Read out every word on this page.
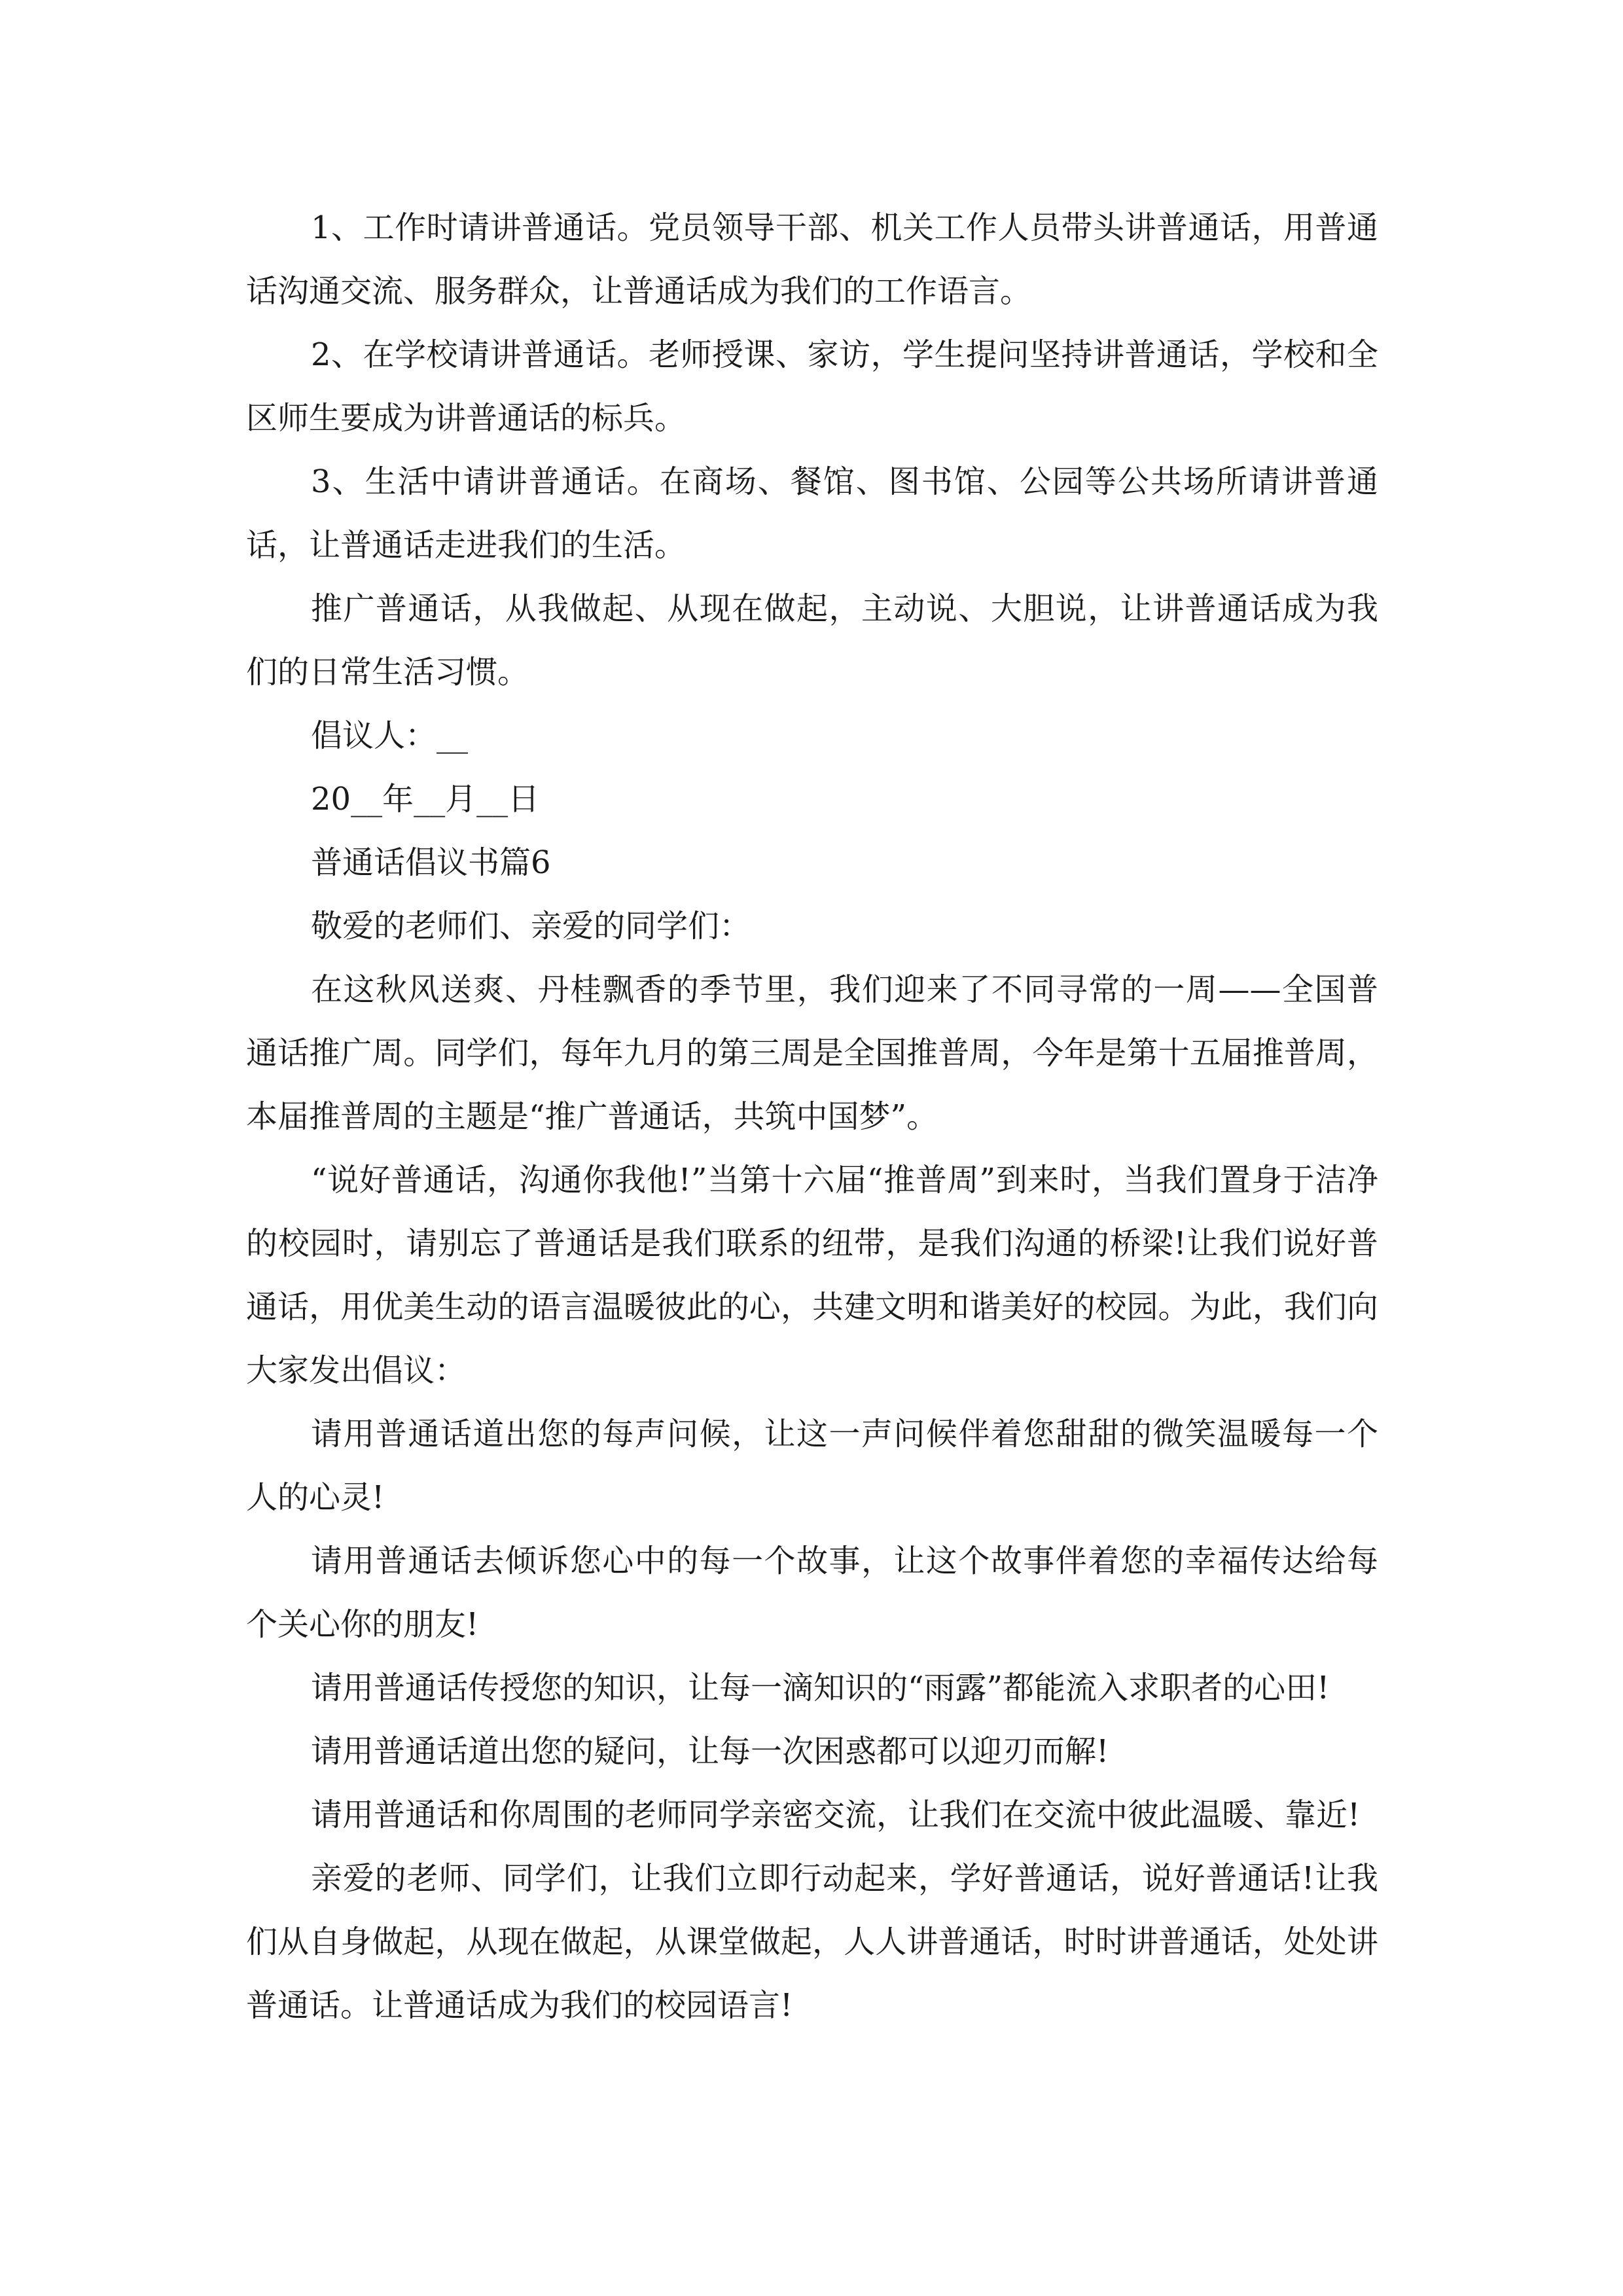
1、工作时请讲普通话。党员领导干部、机关工作人员带头讲普通话，用普通话沟通交流、服务群众，让普通话成为我们的工作语言。

2、在学校请讲普通话。老师授课、家访，学生提问坚持讲普通话，学校和全区师生要成为讲普通话的标兵。

3、生活中请讲普通话。在商场、餐馆、图书馆、公园等公共场所请讲普通话，让普通话走进我们的生活。

推广普通话，从我做起、从现在做起，主动说、大胆说，让讲普通话成为我们的日常生活习惯。

倡议人：__

20__年__月__日

普通话倡议书篇6

敬爱的老师们、亲爱的同学们：

在这秋风送爽、丹桂飘香的季节里，我们迎来了不同寻常的一周——全国普通话推广周。同学们，每年九月的第三周是全国推普周，今年是第十五届推普周，本届推普周的主题是“推广普通话，共筑中国梦”。

“说好普通话，沟通你我他!”当第十六届“推普周”到来时，当我们置身于洁净的校园时，请别忘了普通话是我们联系的纽带，是我们沟通的桥梁!让我们说好普通话，用优美生动的语言温暖彼此的心，共建文明和谐美好的校园。为此，我们向大家发出倡议：

请用普通话道出您的每声问候，让这一声问候伴着您甜甜的微笑温暖每一个人的心灵!

请用普通话去倾诉您心中的每一个故事，让这个故事伴着您的幸福传达给每个关心你的朋友!

请用普通话传授您的知识，让每一滴知识的“雨露”都能流入求职者的心田!

请用普通话道出您的疑问，让每一次困惑都可以迎刃而解!

请用普通话和你周围的老师同学亲密交流，让我们在交流中彼此温暖、靠近!

亲爱的老师、同学们，让我们立即行动起来，学好普通话，说好普通话!让我们从自身做起，从现在做起，从课堂做起，人人讲普通话，时时讲普通话，处处讲普通话。让普通话成为我们的校园语言!
